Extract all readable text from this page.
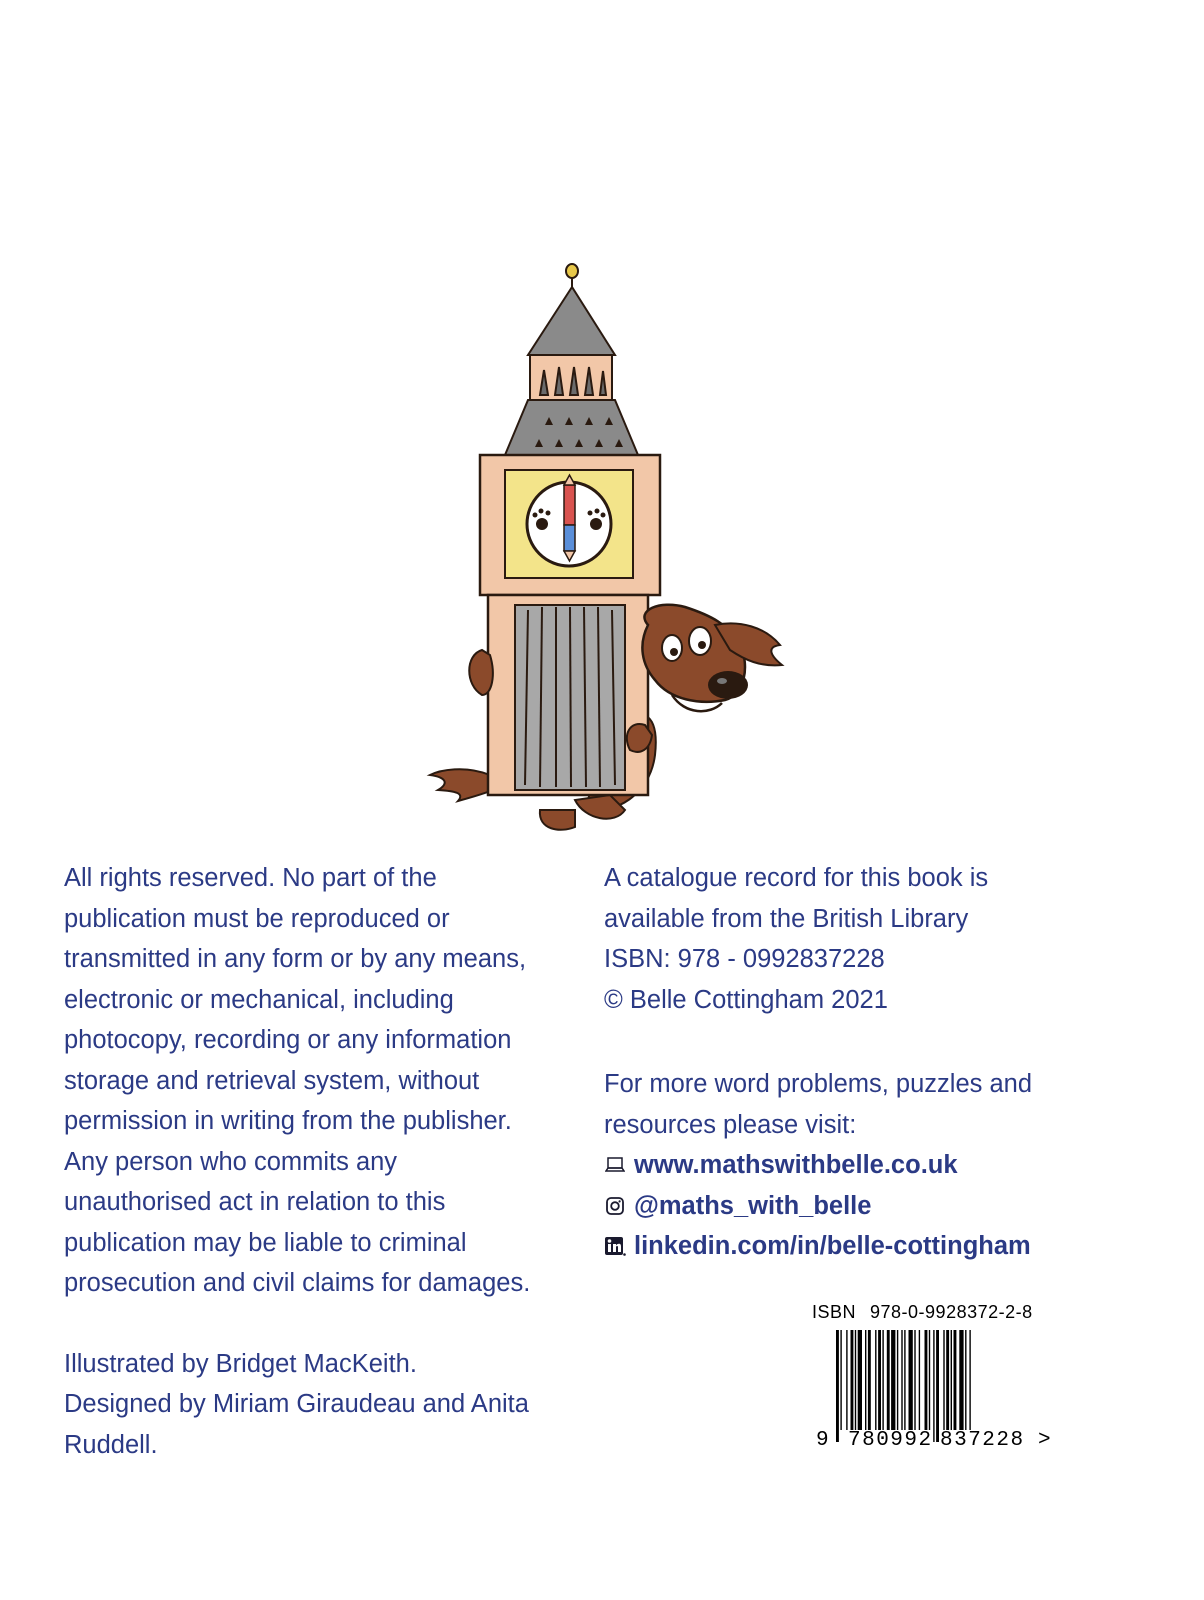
All rights reserved. No part of the

publication must be reproduced or

transmitted in any form or by any means,

electronic or mechanical, including

photocopy, recording or any information

storage and retrieval system, without

permission in writing from the publisher.

Any person who commits any

unauthorised act in relation to this

publication may be liable to criminal

prosecution and civil claims for damages.

Illustrated by Bridget MacKeith.

Designed by Miriam Giraudeau and Anita

Ruddell.

A catalogue record for this book is

available from the British Library

ISBN: 978 - 0992837228

© Belle Cottingham 2021

For more word problems, puzzles and

resources please visit:

www.mathswithbelle.co.uk
@maths_with_belle
linkedin.com/in/belle-cottingham
ISBN 978-0-9928372-2-8
9 780992 837228 >
